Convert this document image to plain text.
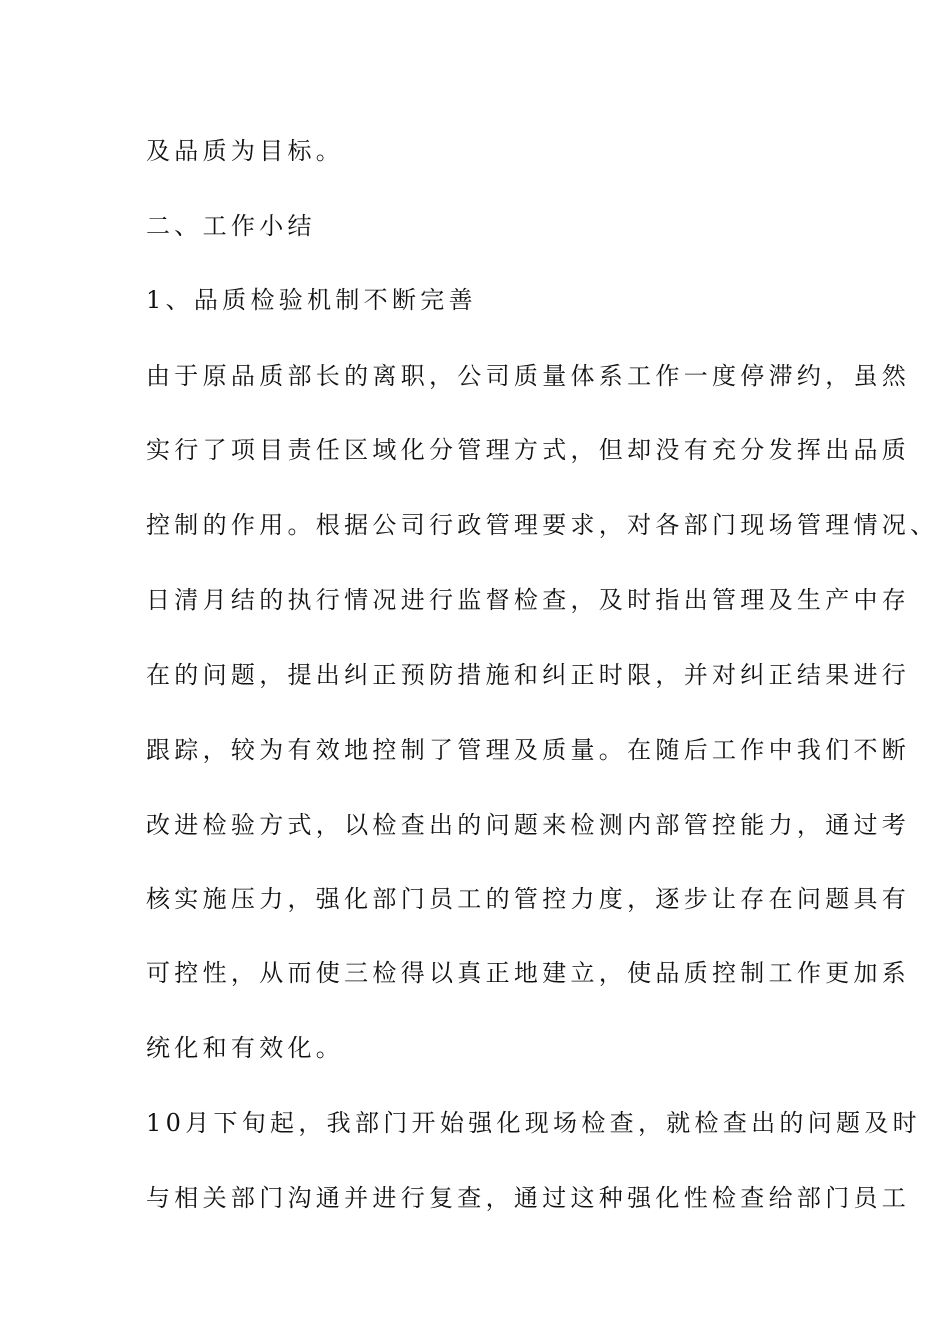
及品质为目标。
二、工作小结
1、品质检验机制不断完善
由于原品质部长的离职，公司质量体系工作一度停滞约，虽然
实行了项目责任区域化分管理方式，但却没有充分发挥出品质
控制的作用。根据公司行政管理要求，对各部门现场管理情况、
日清月结的执行情况进行监督检查，及时指出管理及生产中存
在的问题，提出纠正预防措施和纠正时限，并对纠正结果进行
跟踪，较为有效地控制了管理及质量。在随后工作中我们不断
改进检验方式，以检查出的问题来检测内部管控能力，通过考
核实施压力，强化部门员工的管控力度，逐步让存在问题具有
可控性，从而使三检得以真正地建立，使品质控制工作更加系
统化和有效化。
10月下旬起，我部门开始强化现场检查，就检查出的问题及时
与相关部门沟通并进行复查，通过这种强化性检查给部门员工
